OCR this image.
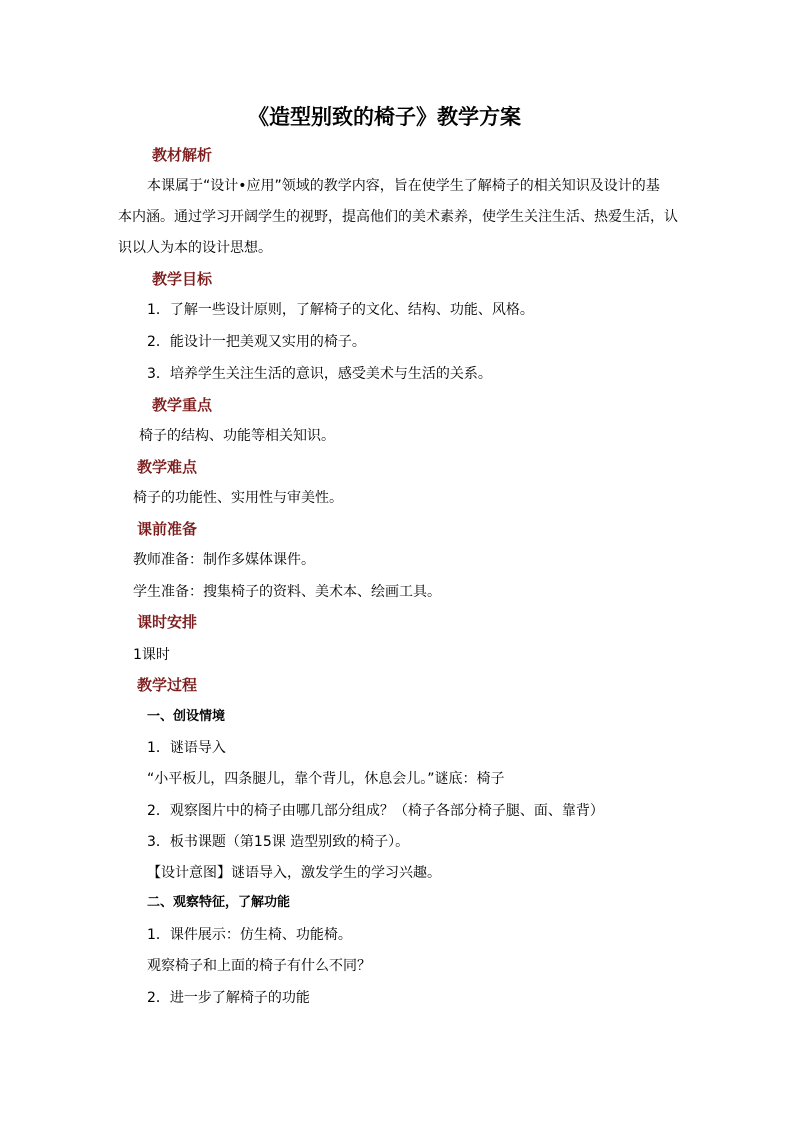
《造型别致的椅子》教学方案
教材解析
本课属于“设计•应用”领域的教学内容，旨在使学生了解椅子的相关知识及设计的基
本内涵。通过学习开阔学生的视野，提高他们的美术素养，使学生关注生活、热爱生活，认
识以人为本的设计思想。
教学目标
1．了解一些设计原则，了解椅子的文化、结构、功能、风格。
2．能设计一把美观又实用的椅子。
3．培养学生关注生活的意识，感受美术与生活的关系。
教学重点
椅子的结构、功能等相关知识。
教学难点
椅子的功能性、实用性与审美性。
课前准备
教师准备：制作多媒体课件。
学生准备：搜集椅子的资料、美术本、绘画工具。
课时安排
1课时
教学过程
一、创设情境
1．谜语导入
“小平板儿，四条腿儿，靠个背儿，休息会儿。”谜底：椅子
2．观察图片中的椅子由哪几部分组成？（椅子各部分椅子腿、面、靠背）
3．板书课题（第15课 造型别致的椅子）。
【设计意图】谜语导入，激发学生的学习兴趣。
二、观察特征，了解功能
1．课件展示：仿生椅、功能椅。
观察椅子和上面的椅子有什么不同？
2．进一步了解椅子的功能
